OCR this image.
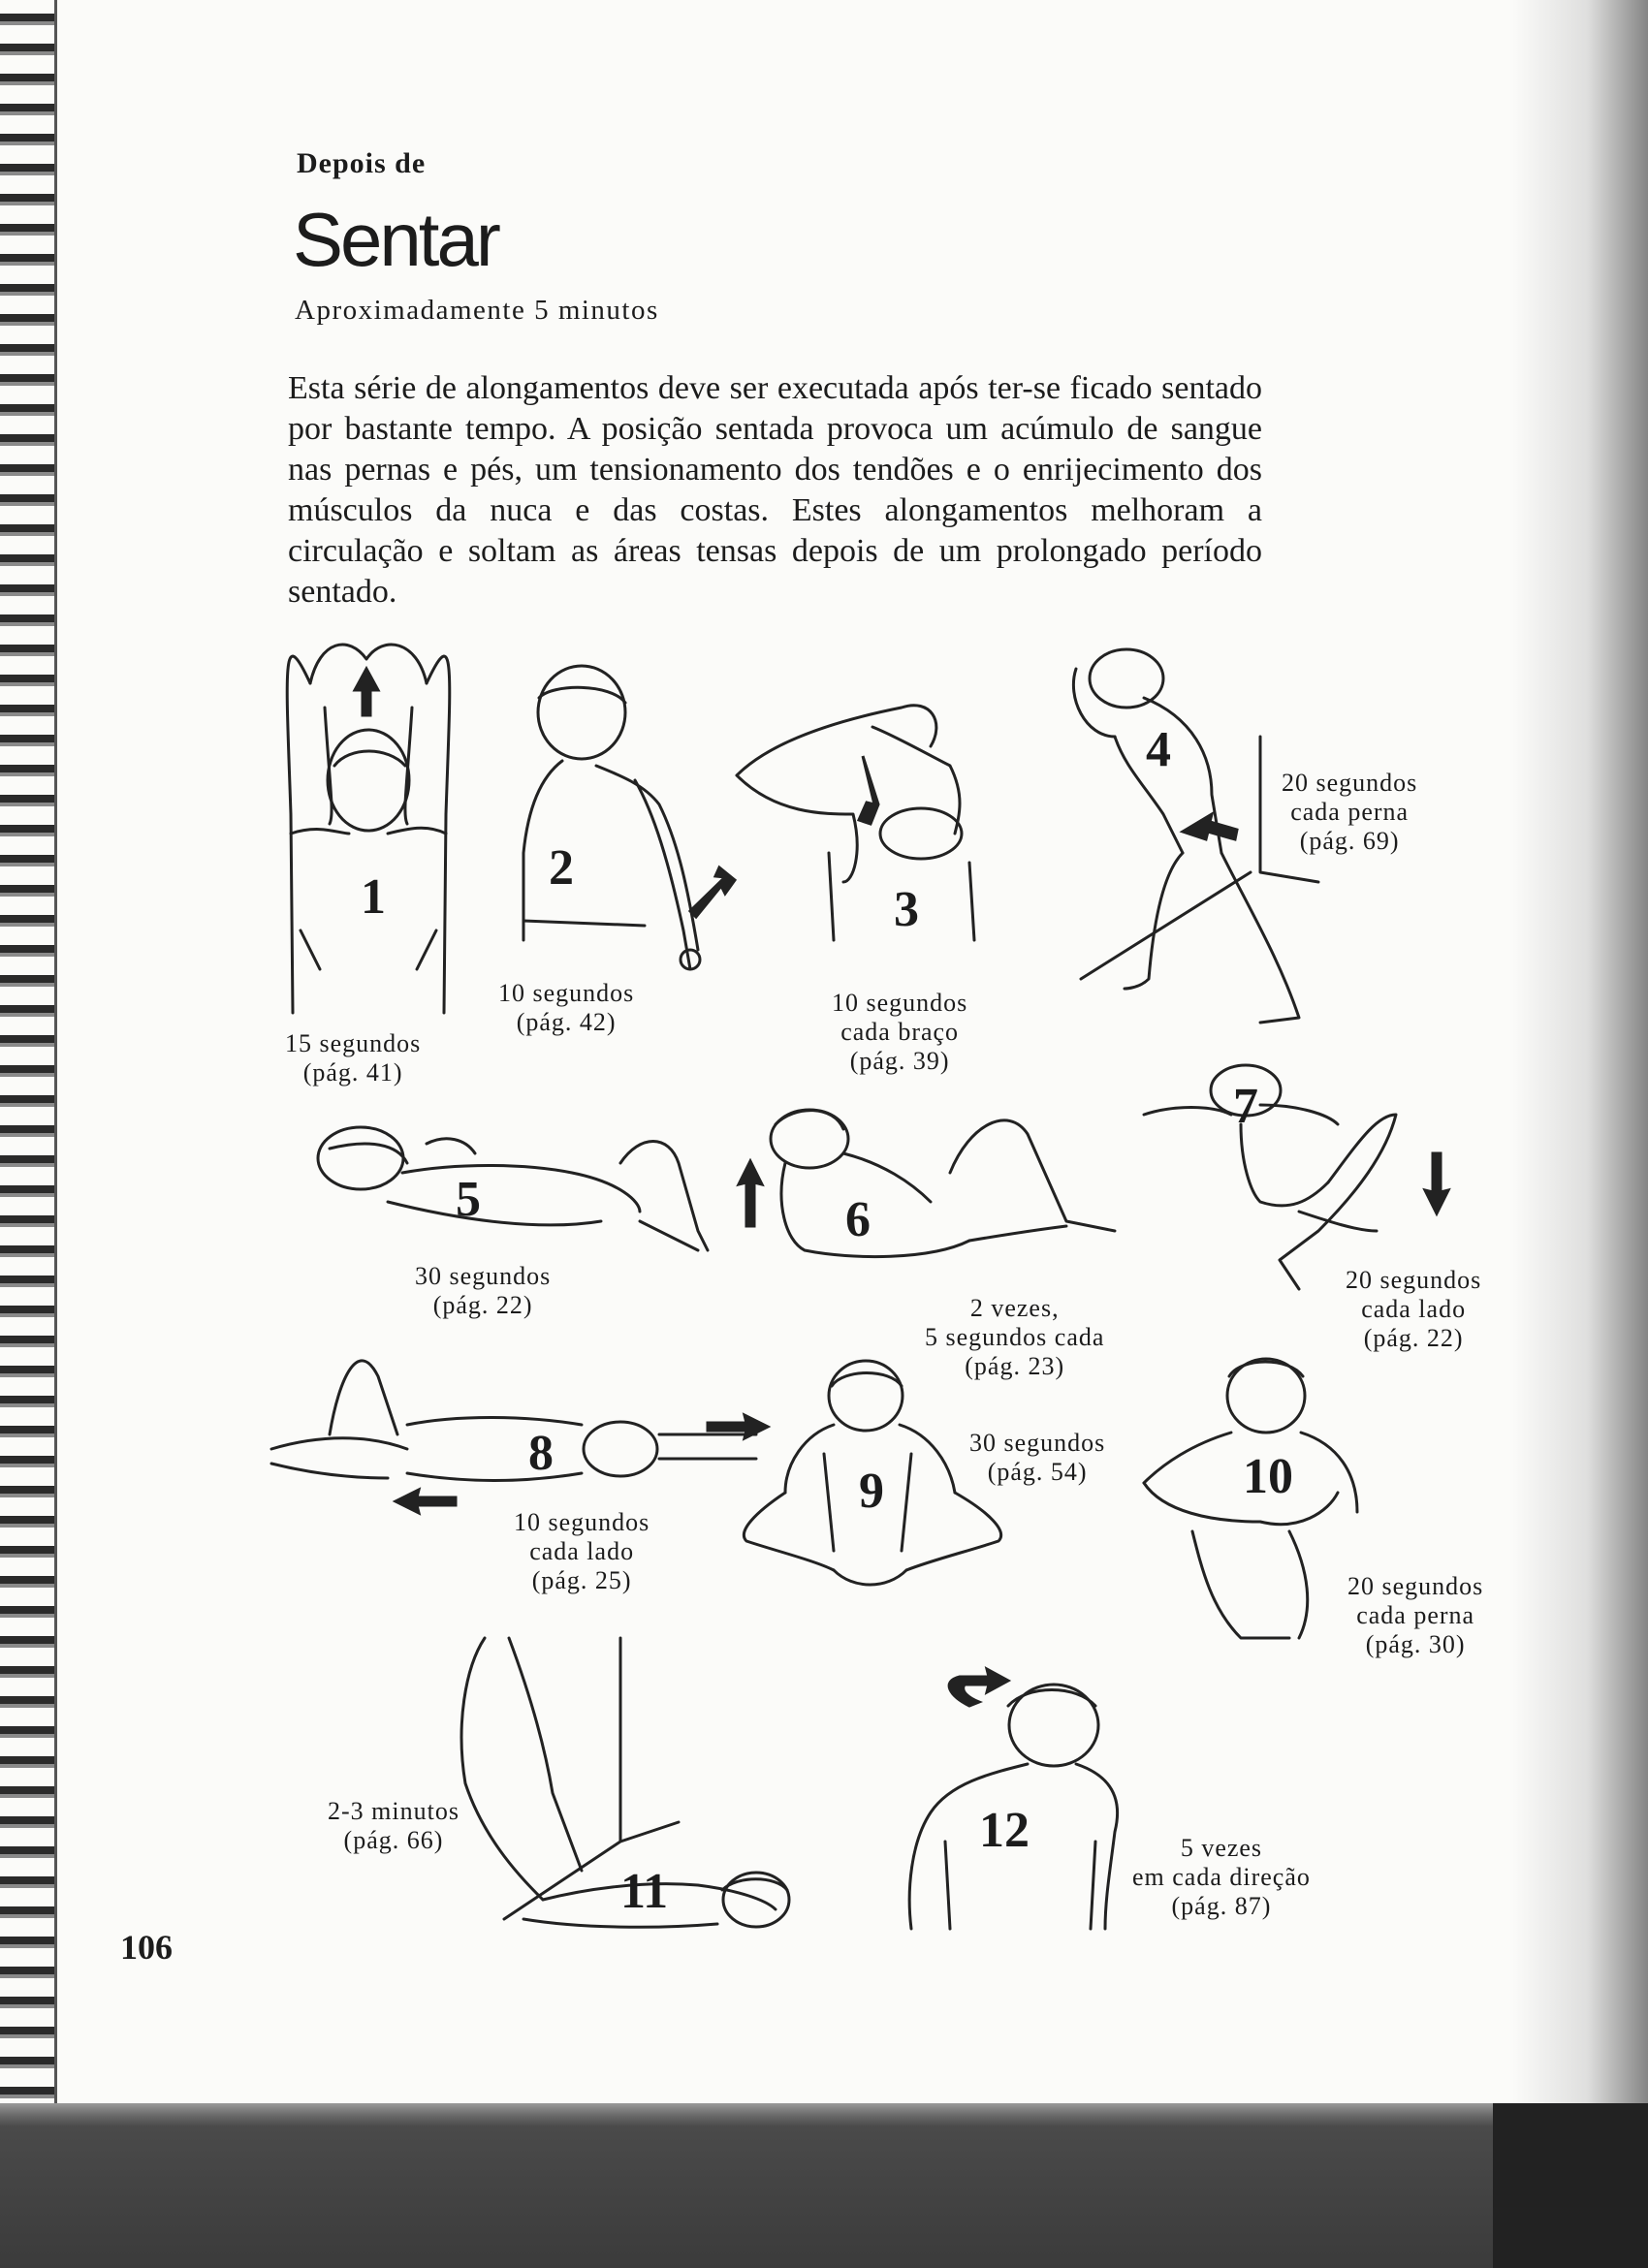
Depois de
Sentar
Aproximadamente 5 minutos

Esta série de alongamentos deve ser executada após ter-se ficado sentado por bastante tempo. A posição sentada provoca um acúmulo de sangue nas pernas e pés, um tensionamento dos tendões e o enrijecimento dos músculos da nuca e das costas. Estes alongamentos melhoram a circulação e soltam as áreas tensas depois de um prolongado período sentado.

1
2
3
4
5	6
7
8
9	10
11
12
15 segundos
(pág. 41)
10 segundos
(pág. 42)
10 segundos
cada braço
(pág. 39)
20 segundos
cada perna
(pág. 69)
30 segundos
(pág. 22)	2 vezes,
5 segundos cada
(pág. 23)
20 segundos
cada lado
(pág. 22)
10 segundos
cada lado
(pág. 25)
30 segundos
(pág. 54)
20 segundos
cada perna
(pág. 30)
2-3 minutos
(pág. 66)	5 vezes
em cada direção
(pág. 87)
106
